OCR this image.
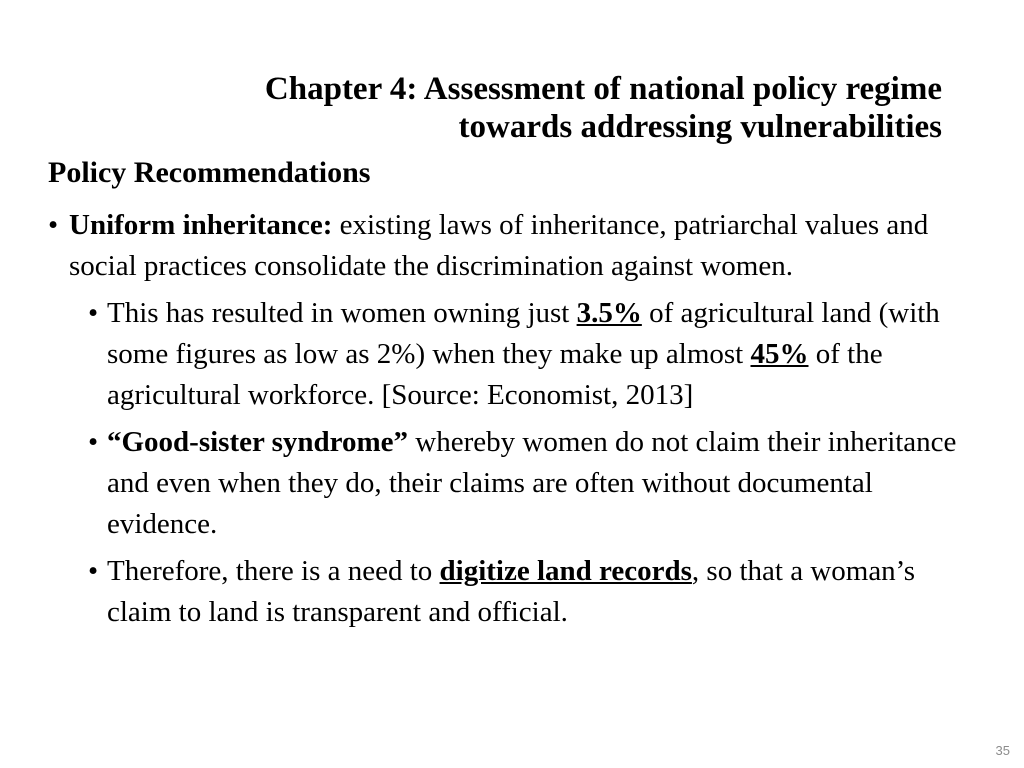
Chapter 4: Assessment of national policy regime
towards addressing vulnerabilities
Policy Recommendations
• Uniform inheritance: existing laws of inheritance, patriarchal values and social practices consolidate the discrimination against women.
• This has resulted in women owning just 3.5% of agricultural land (with some figures as low as 2%) when they make up almost 45% of the agricultural workforce. [Source: Economist, 2013]
• “Good-sister syndrome” whereby women do not claim their inheritance and even when they do, their claims are often without documental evidence.
• Therefore, there is a need to digitize land records, so that a woman’s claim to land is transparent and official.
35
